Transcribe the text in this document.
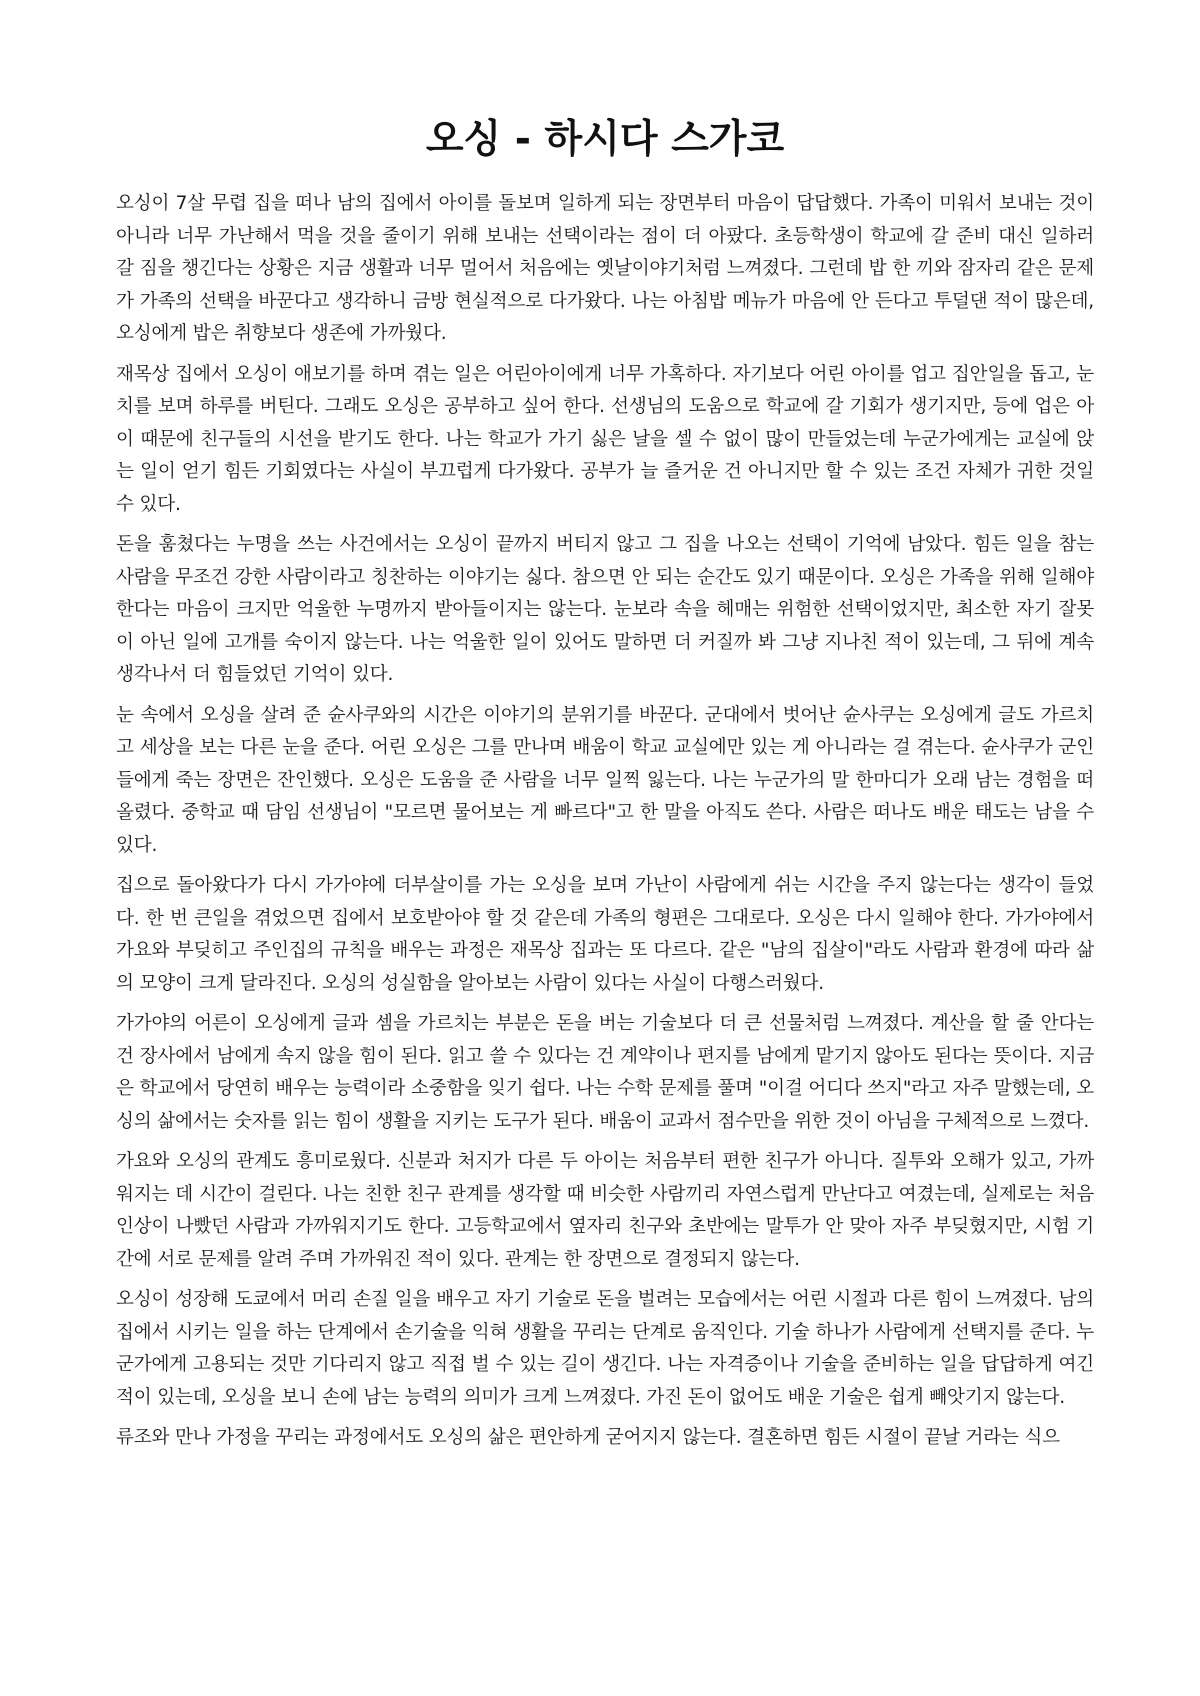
오싱 - 하시다 스가코

오싱이 7살 무렵 집을 떠나 남의 집에서 아이를 돌보며 일하게 되는 장면부터 마음이 답답했다. 가족이 미워서 보내는 것이 아니라 너무 가난해서 먹을 것을 줄이기 위해 보내는 선택이라는 점이 더 아팠다. 초등학생이 학교에 갈 준비 대신 일하러 갈 짐을 챙긴다는 상황은 지금 생활과 너무 멀어서 처음에는 옛날이야기처럼 느껴졌다. 그런데 밥 한 끼와 잠자리 같은 문제가 가족의 선택을 바꾼다고 생각하니 금방 현실적으로 다가왔다. 나는 아침밥 메뉴가 마음에 안 든다고 투덜댄 적이 많은데, 오싱에게 밥은 취향보다 생존에 가까웠다.

재목상 집에서 오싱이 애보기를 하며 겪는 일은 어린아이에게 너무 가혹하다. 자기보다 어린 아이를 업고 집안일을 돕고, 눈치를 보며 하루를 버틴다. 그래도 오싱은 공부하고 싶어 한다. 선생님의 도움으로 학교에 갈 기회가 생기지만, 등에 업은 아이 때문에 친구들의 시선을 받기도 한다. 나는 학교가 가기 싫은 날을 셀 수 없이 많이 만들었는데 누군가에게는 교실에 앉는 일이 얻기 힘든 기회였다는 사실이 부끄럽게 다가왔다. 공부가 늘 즐거운 건 아니지만 할 수 있는 조건 자체가 귀한 것일 수 있다.

돈을 훔쳤다는 누명을 쓰는 사건에서는 오싱이 끝까지 버티지 않고 그 집을 나오는 선택이 기억에 남았다. 힘든 일을 참는 사람을 무조건 강한 사람이라고 칭찬하는 이야기는 싫다. 참으면 안 되는 순간도 있기 때문이다. 오싱은 가족을 위해 일해야 한다는 마음이 크지만 억울한 누명까지 받아들이지는 않는다. 눈보라 속을 헤매는 위험한 선택이었지만, 최소한 자기 잘못이 아닌 일에 고개를 숙이지 않는다. 나는 억울한 일이 있어도 말하면 더 커질까 봐 그냥 지나친 적이 있는데, 그 뒤에 계속 생각나서 더 힘들었던 기억이 있다.

눈 속에서 오싱을 살려 준 슌사쿠와의 시간은 이야기의 분위기를 바꾼다. 군대에서 벗어난 슌사쿠는 오싱에게 글도 가르치고 세상을 보는 다른 눈을 준다. 어린 오싱은 그를 만나며 배움이 학교 교실에만 있는 게 아니라는 걸 겪는다. 슌사쿠가 군인들에게 죽는 장면은 잔인했다. 오싱은 도움을 준 사람을 너무 일찍 잃는다. 나는 누군가의 말 한마디가 오래 남는 경험을 떠올렸다. 중학교 때 담임 선생님이 "모르면 물어보는 게 빠르다"고 한 말을 아직도 쓴다. 사람은 떠나도 배운 태도는 남을 수 있다.

집으로 돌아왔다가 다시 가가야에 더부살이를 가는 오싱을 보며 가난이 사람에게 쉬는 시간을 주지 않는다는 생각이 들었다. 한 번 큰일을 겪었으면 집에서 보호받아야 할 것 같은데 가족의 형편은 그대로다. 오싱은 다시 일해야 한다. 가가야에서 가요와 부딪히고 주인집의 규칙을 배우는 과정은 재목상 집과는 또 다르다. 같은 "남의 집살이"라도 사람과 환경에 따라 삶의 모양이 크게 달라진다. 오싱의 성실함을 알아보는 사람이 있다는 사실이 다행스러웠다.

가가야의 어른이 오싱에게 글과 셈을 가르치는 부분은 돈을 버는 기술보다 더 큰 선물처럼 느껴졌다. 계산을 할 줄 안다는 건 장사에서 남에게 속지 않을 힘이 된다. 읽고 쓸 수 있다는 건 계약이나 편지를 남에게 맡기지 않아도 된다는 뜻이다. 지금은 학교에서 당연히 배우는 능력이라 소중함을 잊기 쉽다. 나는 수학 문제를 풀며 "이걸 어디다 쓰지"라고 자주 말했는데, 오싱의 삶에서는 숫자를 읽는 힘이 생활을 지키는 도구가 된다. 배움이 교과서 점수만을 위한 것이 아님을 구체적으로 느꼈다.

가요와 오싱의 관계도 흥미로웠다. 신분과 처지가 다른 두 아이는 처음부터 편한 친구가 아니다. 질투와 오해가 있고, 가까워지는 데 시간이 걸린다. 나는 친한 친구 관계를 생각할 때 비슷한 사람끼리 자연스럽게 만난다고 여겼는데, 실제로는 처음 인상이 나빴던 사람과 가까워지기도 한다. 고등학교에서 옆자리 친구와 초반에는 말투가 안 맞아 자주 부딪혔지만, 시험 기간에 서로 문제를 알려 주며 가까워진 적이 있다. 관계는 한 장면으로 결정되지 않는다.

오싱이 성장해 도쿄에서 머리 손질 일을 배우고 자기 기술로 돈을 벌려는 모습에서는 어린 시절과 다른 힘이 느껴졌다. 남의 집에서 시키는 일을 하는 단계에서 손기술을 익혀 생활을 꾸리는 단계로 움직인다. 기술 하나가 사람에게 선택지를 준다. 누군가에게 고용되는 것만 기다리지 않고 직접 벌 수 있는 길이 생긴다. 나는 자격증이나 기술을 준비하는 일을 답답하게 여긴 적이 있는데, 오싱을 보니 손에 남는 능력의 의미가 크게 느껴졌다. 가진 돈이 없어도 배운 기술은 쉽게 빼앗기지 않는다.

류조와 만나 가정을 꾸리는 과정에서도 오싱의 삶은 편안하게 굳어지지 않는다. 결혼하면 힘든 시절이 끝날 거라는 식으
